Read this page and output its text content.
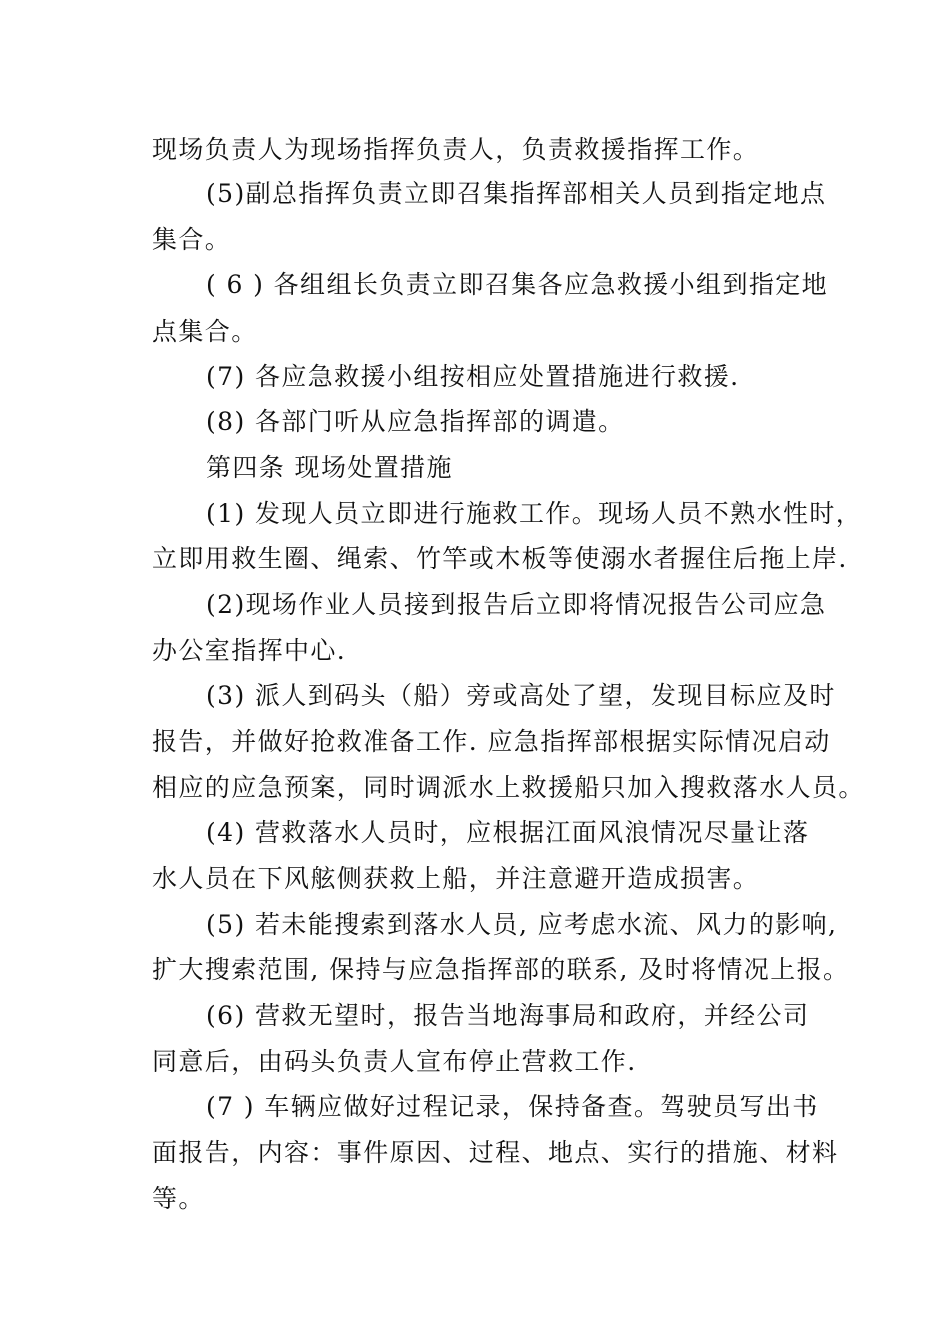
现场负责人为现场指挥负责人，负责救援指挥工作。
(5)副总指挥负责立即召集指挥部相关人员到指定地点
集合。
( 6 ) 各组组长负责立即召集各应急救援小组到指定地
点集合。
(7) 各应急救援小组按相应处置措施进行救援.
(8) 各部门听从应急指挥部的调遣。
第四条 现场处置措施
(1) 发现人员立即进行施救工作。现场人员不熟水性时，
立即用救生圈、绳索、竹竿或木板等使溺水者握住后拖上岸.
(2)现场作业人员接到报告后立即将情况报告公司应急
办公室指挥中心.
(3) 派人到码头（船）旁或高处了望，发现目标应及时
报告，并做好抢救准备工作. 应急指挥部根据实际情况启动
相应的应急预案，同时调派水上救援船只加入搜救落水人员。
(4) 营救落水人员时，应根据江面风浪情况尽量让落
水人员在下风舷侧获救上船，并注意避开造成损害。
(5) 若未能搜索到落水人员, 应考虑水流、风力的影响,
扩大搜索范围, 保持与应急指挥部的联系, 及时将情况上报。
(6) 营救无望时，报告当地海事局和政府，并经公司
同意后，由码头负责人宣布停止营救工作.
(7 ) 车辆应做好过程记录，保持备查。驾驶员写出书
面报告，内容：事件原因、过程、地点、实行的措施、材料
等。
